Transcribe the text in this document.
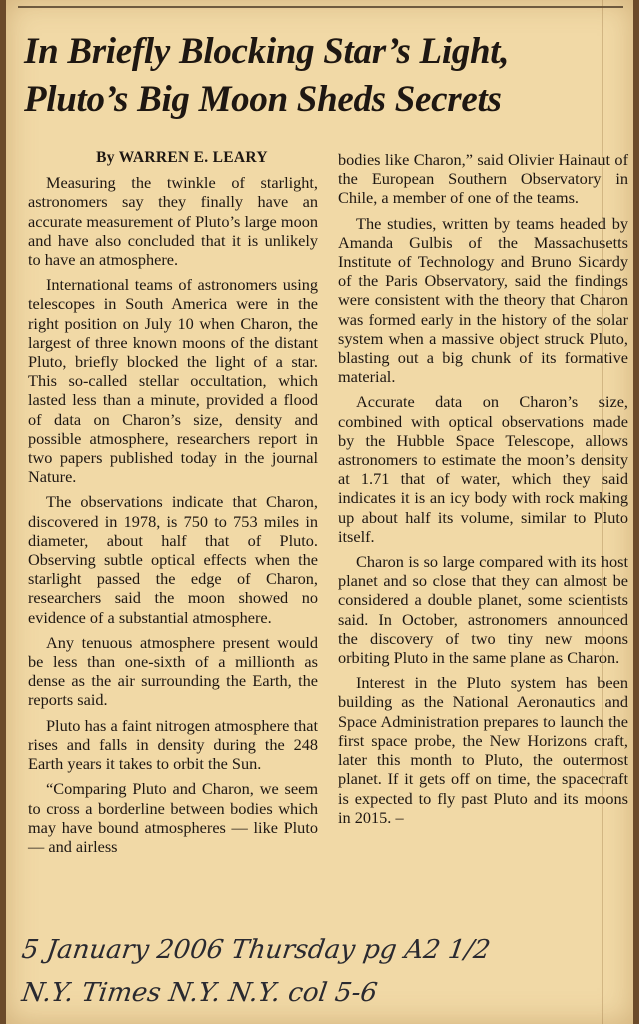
In Briefly Blocking Star’s Light,
Pluto’s Big Moon Sheds Secrets

By WARREN E. LEARY

Measuring the twinkle of starlight, astronomers say they finally have an accurate measurement of Pluto’s large moon and have also concluded that it is unlikely to have an atmosphere.

International teams of astronomers using telescopes in South America were in the right position on July 10 when Charon, the largest of three known moons of the distant Pluto, briefly blocked the light of a star. This so-called stellar occultation, which lasted less than a minute, provided a flood of data on Charon’s size, density and possible atmosphere, researchers report in two papers published today in the journal Nature.

The observations indicate that Charon, discovered in 1978, is 750 to 753 miles in diameter, about half that of Pluto. Observing subtle optical effects when the starlight passed the edge of Charon, researchers said the moon showed no evidence of a substantial atmosphere.

Any tenuous atmosphere present would be less than one-sixth of a millionth as dense as the air surrounding the Earth, the reports said.

Pluto has a faint nitrogen atmosphere that rises and falls in density during the 248 Earth years it takes to orbit the Sun.

“Comparing Pluto and Charon, we seem to cross a borderline between bodies which may have bound atmospheres — like Pluto — and airless

bodies like Charon,” said Olivier Hainaut of the European Southern Observatory in Chile, a member of one of the teams.

The studies, written by teams headed by Amanda Gulbis of the Massachusetts Institute of Technology and Bruno Sicardy of the Paris Observatory, said the findings were consistent with the theory that Charon was formed early in the history of the solar system when a massive object struck Pluto, blasting out a big chunk of its formative material.

Accurate data on Charon’s size, combined with optical observations made by the Hubble Space Telescope, allows astronomers to estimate the moon’s density at 1.71 that of water, which they said indicates it is an icy body with rock making up about half its volume, similar to Pluto itself.

Charon is so large compared with its host planet and so close that they can almost be considered a double planet, some scientists said. In October, astronomers announced the discovery of two tiny new moons orbiting Pluto in the same plane as Charon.

Interest in the Pluto system has been building as the National Aeronautics and Space Administration prepares to launch the first space probe, the New Horizons craft, later this month to Pluto, the outermost planet. If it gets off on time, the spacecraft is expected to fly past Pluto and its moons in 2015. –

5 January 2006 Thursday pg A2 1/2
N.Y. Times N.Y. N.Y. col 5-6
